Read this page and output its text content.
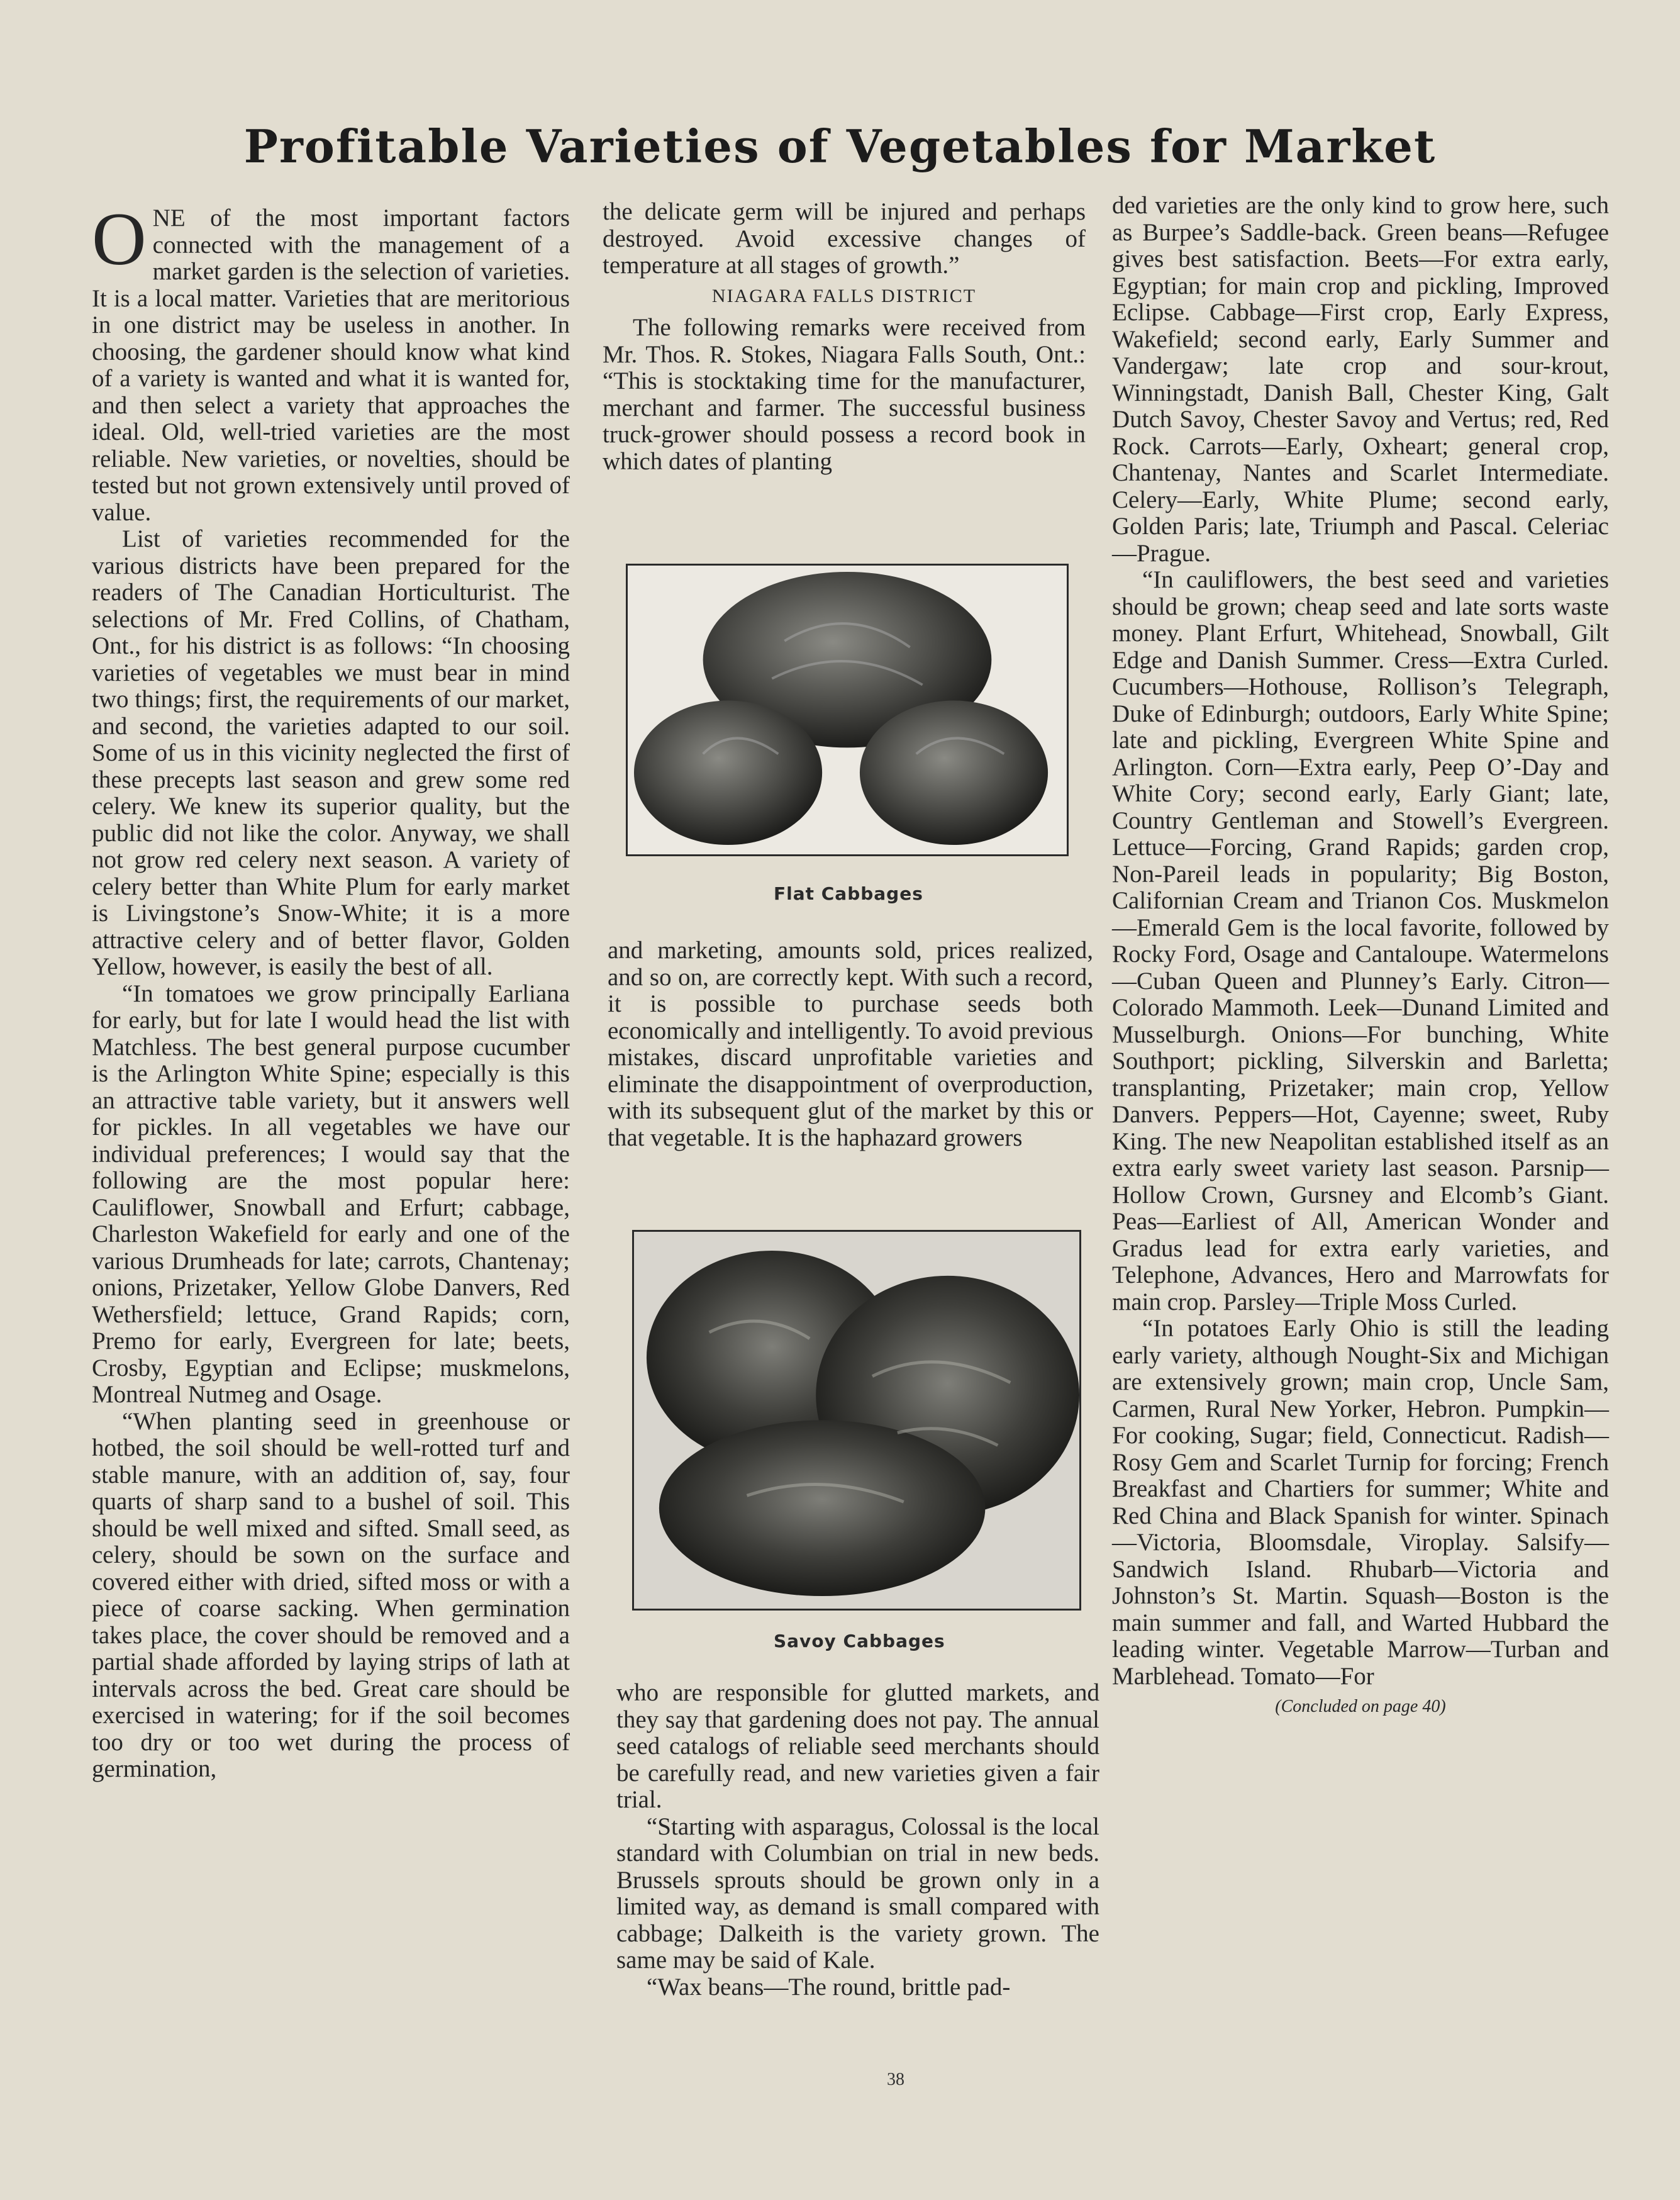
Profitable Varieties of Vegetables for Market

ONE of the most important factors connected with the management of a market garden is the selection of varieties. It is a local matter. Varieties that are meritorious in one district may be useless in another. In choosing, the gardener should know what kind of a variety is wanted and what it is wanted for, and then select a variety that approaches the ideal. Old, well-tried varieties are the most reliable. New varieties, or novelties, should be tested but not grown extensively until proved of value.

List of varieties recommended for the various districts have been prepared for the readers of The Canadian Horticulturist. The selections of Mr. Fred Collins, of Chatham, Ont., for his district is as follows: “In choosing varieties of vegetables we must bear in mind two things; first, the requirements of our market, and second, the varieties adapted to our soil. Some of us in this vicinity neglected the first of these precepts last season and grew some red celery. We knew its superior quality, but the public did not like the color. Anyway, we shall not grow red celery next season. A variety of celery better than White Plum for early market is Livingstone’s Snow-White; it is a more attractive celery and of better flavor, Golden Yellow, however, is easily the best of all.

“In tomatoes we grow principally Earliana for early, but for late I would head the list with Matchless. The best general purpose cucumber is the Arlington White Spine; especially is this an attractive table variety, but it answers well for pickles. In all vegetables we have our individual preferences; I would say that the following are the most popular here: Cauliflower, Snowball and Erfurt; cabbage, Charleston Wakefield for early and one of the various Drumheads for late; carrots, Chantenay; onions, Prizetaker, Yellow Globe Danvers, Red Wethersfield; lettuce, Grand Rapids; corn, Premo for early, Evergreen for late; beets, Crosby, Egyptian and Eclipse; muskmelons, Montreal Nutmeg and Osage.

“When planting seed in greenhouse or hotbed, the soil should be well-rotted turf and stable manure, with an addition of, say, four quarts of sharp sand to a bushel of soil. This should be well mixed and sifted. Small seed, as celery, should be sown on the surface and covered either with dried, sifted moss or with a piece of coarse sacking. When germination takes place, the cover should be removed and a partial shade afforded by laying strips of lath at intervals across the bed. Great care should be exercised in watering; for if the soil becomes too dry or too wet during the process of germination,

the delicate germ will be injured and perhaps destroyed. Avoid excessive changes of temperature at all stages of growth.”

NIAGARA FALLS DISTRICT

The following remarks were received from Mr. Thos. R. Stokes, Niagara Falls South, Ont.: “This is stocktaking time for the manufacturer, merchant and farmer. The successful business truck-grower should possess a record book in which dates of planting

Flat Cabbages

and marketing, amounts sold, prices realized, and so on, are correctly kept. With such a record, it is possible to purchase seeds both economically and intelligently. To avoid previous mistakes, discard unprofitable varieties and eliminate the disappointment of overproduction, with its subsequent glut of the market by this or that vegetable. It is the haphazard growers

Savoy Cabbages

who are responsible for glutted markets, and they say that gardening does not pay. The annual seed catalogs of reliable seed merchants should be carefully read, and new varieties given a fair trial.

“Starting with asparagus, Colossal is the local standard with Columbian on trial in new beds. Brussels sprouts should be grown only in a limited way, as demand is small compared with cabbage; Dalkeith is the variety grown. The same may be said of Kale.

“Wax beans—The round, brittle pad-

ded varieties are the only kind to grow here, such as Burpee’s Saddle-back. Green beans—Refugee gives best satisfaction. Beets—For extra early, Egyptian; for main crop and pickling, Improved Eclipse. Cabbage—First crop, Early Express, Wakefield; second early, Early Summer and Vandergaw; late crop and sour-krout, Winningstadt, Danish Ball, Chester King, Galt Dutch Savoy, Chester Savoy and Vertus; red, Red Rock. Carrots—Early, Oxheart; general crop, Chantenay, Nantes and Scarlet Intermediate. Celery—Early, White Plume; second early, Golden Paris; late, Triumph and Pascal. Celeriac—Prague.

“In cauliflowers, the best seed and varieties should be grown; cheap seed and late sorts waste money. Plant Erfurt, Whitehead, Snowball, Gilt Edge and Danish Summer. Cress—Extra Curled. Cucumbers—Hothouse, Rollison’s Telegraph, Duke of Edinburgh; outdoors, Early White Spine; late and pickling, Evergreen White Spine and Arlington. Corn—Extra early, Peep O’-Day and White Cory; second early, Early Giant; late, Country Gentleman and Stowell’s Evergreen. Lettuce—Forcing, Grand Rapids; garden crop, Non-Pareil leads in popularity; Big Boston, Californian Cream and Trianon Cos. Muskmelon—Emerald Gem is the local favorite, followed by Rocky Ford, Osage and Cantaloupe. Watermelons—Cuban Queen and Plunney’s Early. Citron—Colorado Mammoth. Leek—Dunand Limited and Musselburgh. Onions—For bunching, White Southport; pickling, Silverskin and Barletta; transplanting, Prizetaker; main crop, Yellow Danvers. Peppers—Hot, Cayenne; sweet, Ruby King. The new Neapolitan established itself as an extra early sweet variety last season. Parsnip—Hollow Crown, Gursney and Elcomb’s Giant. Peas—Earliest of All, American Wonder and Gradus lead for extra early varieties, and Telephone, Advances, Hero and Marrowfats for main crop. Parsley—Triple Moss Curled.

“In potatoes Early Ohio is still the leading early variety, although Nought-Six and Michigan are extensively grown; main crop, Uncle Sam, Carmen, Rural New Yorker, Hebron. Pumpkin—For cooking, Sugar; field, Connecticut. Radish—Rosy Gem and Scarlet Turnip for forcing; French Breakfast and Chartiers for summer; White and Red China and Black Spanish for winter. Spinach—Victoria, Bloomsdale, Viroplay. Salsify—Sandwich Island. Rhubarb—Victoria and Johnston’s St. Martin. Squash—Boston is the main summer and fall, and Warted Hubbard the leading winter. Vegetable Marrow—Turban and Marblehead. Tomato—For

(Concluded on page 40)

38
